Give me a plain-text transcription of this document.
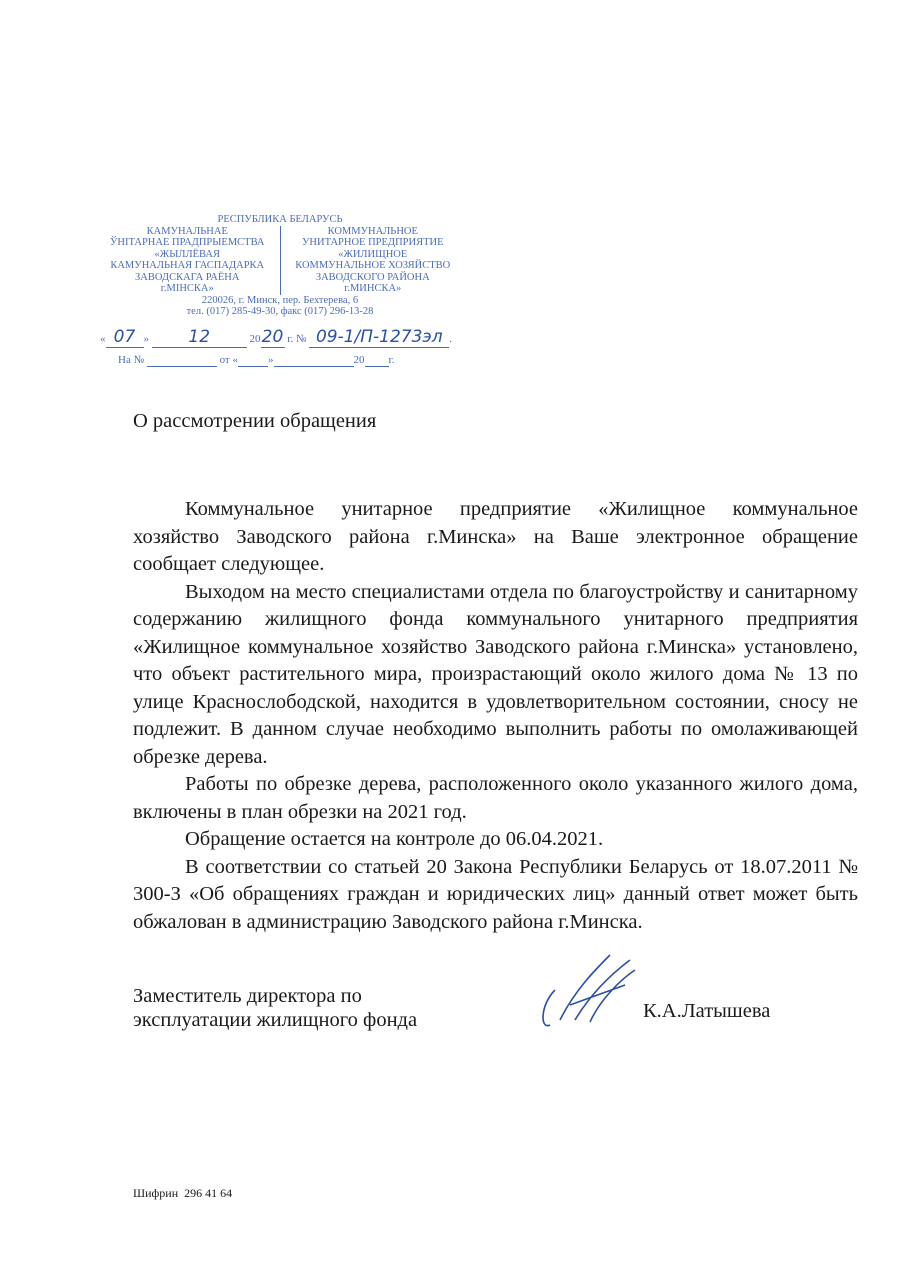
РЕСПУБЛИКА БЕЛАРУСЬ
КАМУНАЛЬНАЕ
ЎНІТАРНАЕ ПРАДПРЫЕМСТВА
«ЖЫЛЛЁВАЯ
КАМУНАЛЬНАЯ ГАСПАДАРКА
ЗАВОДСКАГА РАЁНА
г.МІНСКА»
КОММУНАЛЬНОЕ
УНИТАРНОЕ ПРЕДПРИЯТИЕ
«ЖИЛИЩНОЕ
КОММУНАЛЬНОЕ ХОЗЯЙСТВО
ЗАВОДСКОГО РАЙОНА
г.МИНСКА»
220026, г. Минск, пер. Бехтерева, 6
тел. (017) 285-49-30, факс (017) 296-13-28
« 07 » 12	2020 г. № 09-1/П-1273эл .
На №	от «	»	20 г.
О рассмотрении обращения

Коммунальное унитарное предприятие «Жилищное коммунальное хозяйство Заводского района г.Минска» на Ваше электронное обращение сообщает следующее.

Выходом на место специалистами отдела по благоустройству и санитарному содержанию жилищного фонда коммунального унитарного предприятия «Жилищное коммунальное хозяйство Заводского района г.Минска» установлено, что объект растительного мира, произрастающий около жилого дома № 13 по улице Краснослободской, находится в удовлетворительном состоянии, сносу не подлежит. В данном случае необходимо выполнить работы по омолаживающей обрезке дерева.

Работы по обрезке дерева, расположенного около указанного жилого дома, включены в план обрезки на 2021 год.

Обращение остается на контроле до 06.04.2021.

В соответствии со статьей 20 Закона Республики Беларусь от 18.07.2011 № 300-З «Об обращениях граждан и юридических лиц» данный ответ может быть обжалован в администрацию Заводского района г.Минска.

Заместитель директора по
эксплуатации жилищного фонда	К.А.Латышева
Шифрин 296 41 64
